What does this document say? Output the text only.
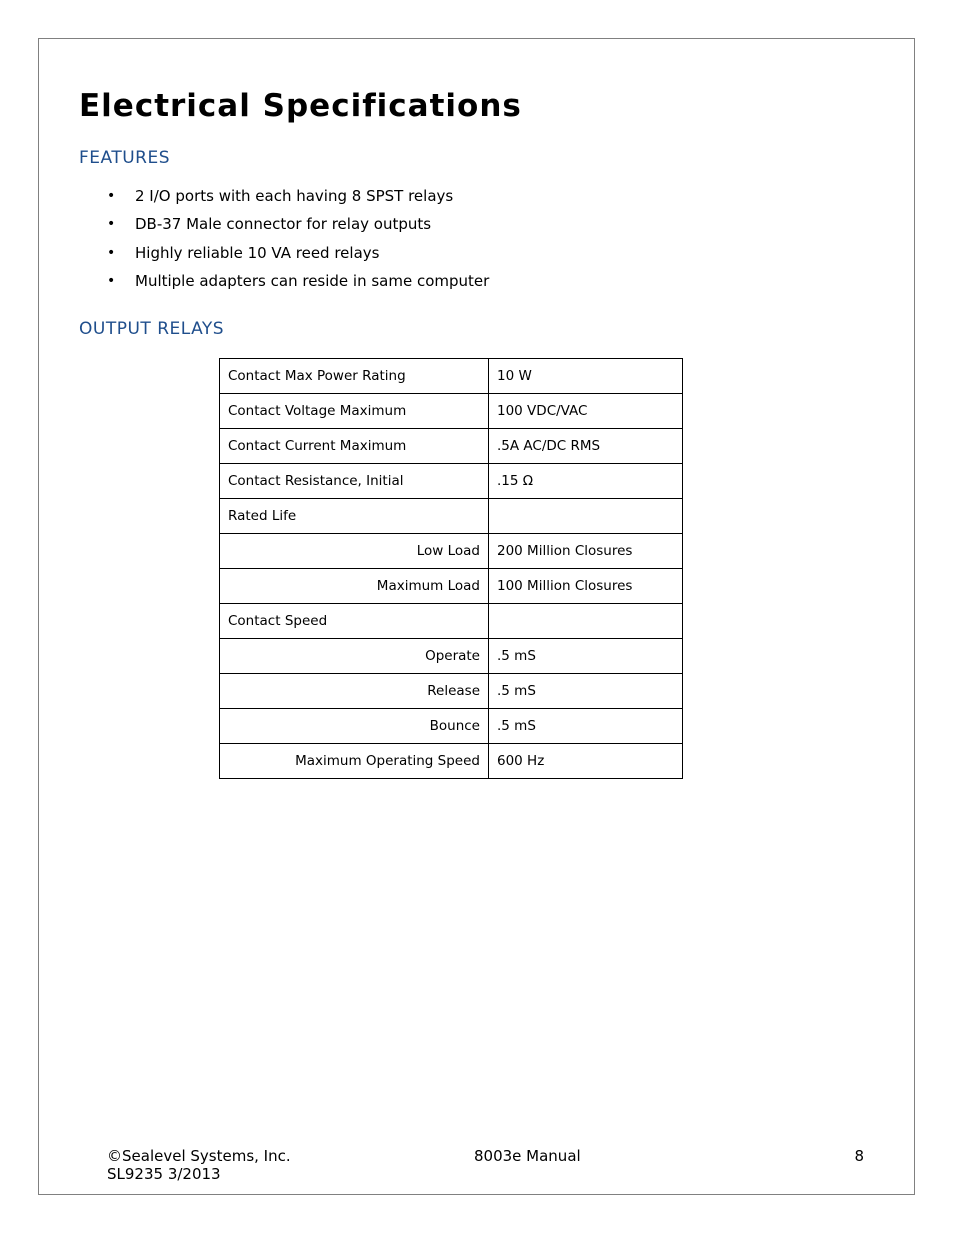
Electrical Specifications
FEATURES
• 2 I/O ports with each having 8 SPST relays
• DB-37 Male connector for relay outputs
• Highly reliable 10 VA reed relays
• Multiple adapters can reside in same computer
OUTPUT RELAYS
Contact Max Power Rating	10 W
Contact Voltage Maximum	100 VDC/VAC
Contact Current Maximum	.5A AC/DC RMS
Contact Resistance, Initial	.15 Ω
Rated Life	
Low Load	200 Million Closures
Maximum Load	100 Million Closures
Contact Speed	
Operate	.5 mS
Release	.5 mS
Bounce	.5 mS
Maximum Operating Speed	600 Hz
©Sealevel Systems, Inc.
SL9235 3/2013
8003e Manual	8
